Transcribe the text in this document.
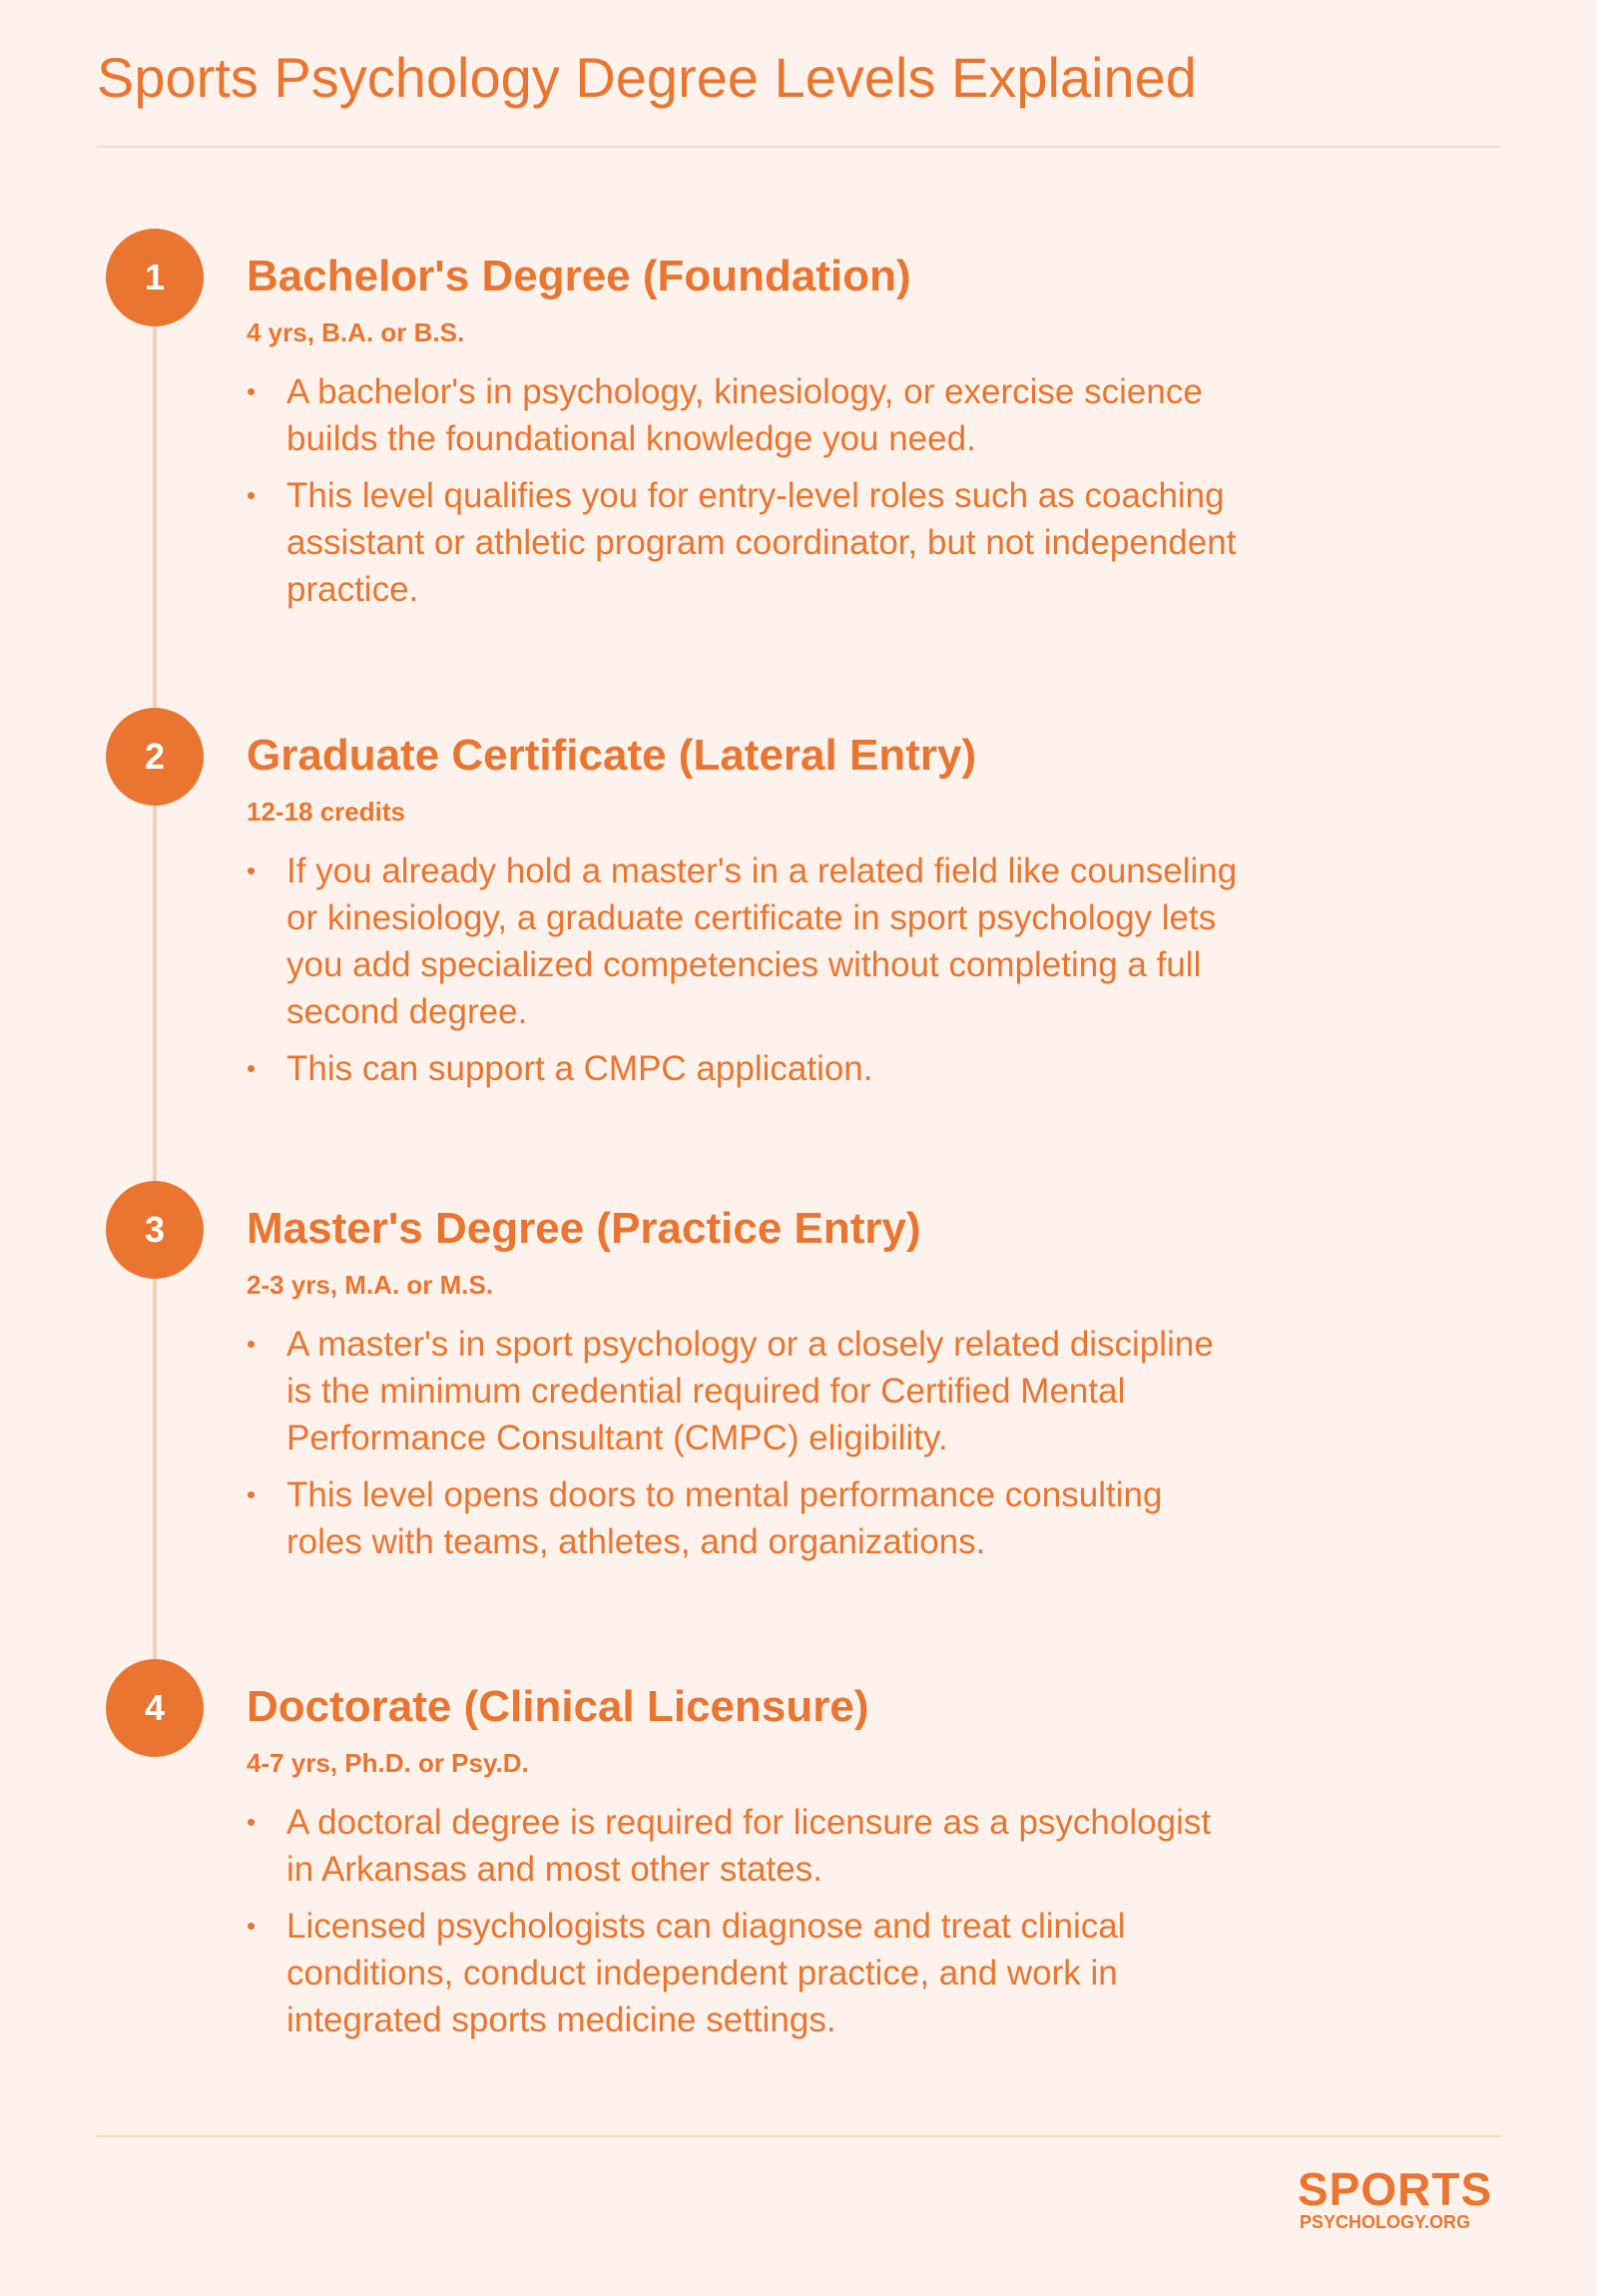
Sports Psychology Degree Levels Explained
1	Bachelor's Degree (Foundation)
4 yrs, B.A. or B.S.
• A bachelor's in psychology, kinesiology, or exercise science builds the foundational knowledge you need.
• This level qualifies you for entry-level roles such as coaching assistant or athletic program coordinator, but not independent practice.
2	Graduate Certificate (Lateral Entry)
12-18 credits
• If you already hold a master's in a related field like counseling or kinesiology, a graduate certificate in sport psychology lets you add specialized competencies without completing a full second degree.
• This can support a CMPC application.
3	Master's Degree (Practice Entry)
2-3 yrs, M.A. or M.S.
• A master's in sport psychology or a closely related discipline is the minimum credential required for Certified Mental Performance Consultant (CMPC) eligibility.
• This level opens doors to mental performance consulting roles with teams, athletes, and organizations.
4	Doctorate (Clinical Licensure)
4-7 yrs, Ph.D. or Psy.D.
• A doctoral degree is required for licensure as a psychologist in Arkansas and most other states.
• Licensed psychologists can diagnose and treat clinical conditions, conduct independent practice, and work in integrated sports medicine settings.
SPORTS
PSYCHOLOGY.ORG
